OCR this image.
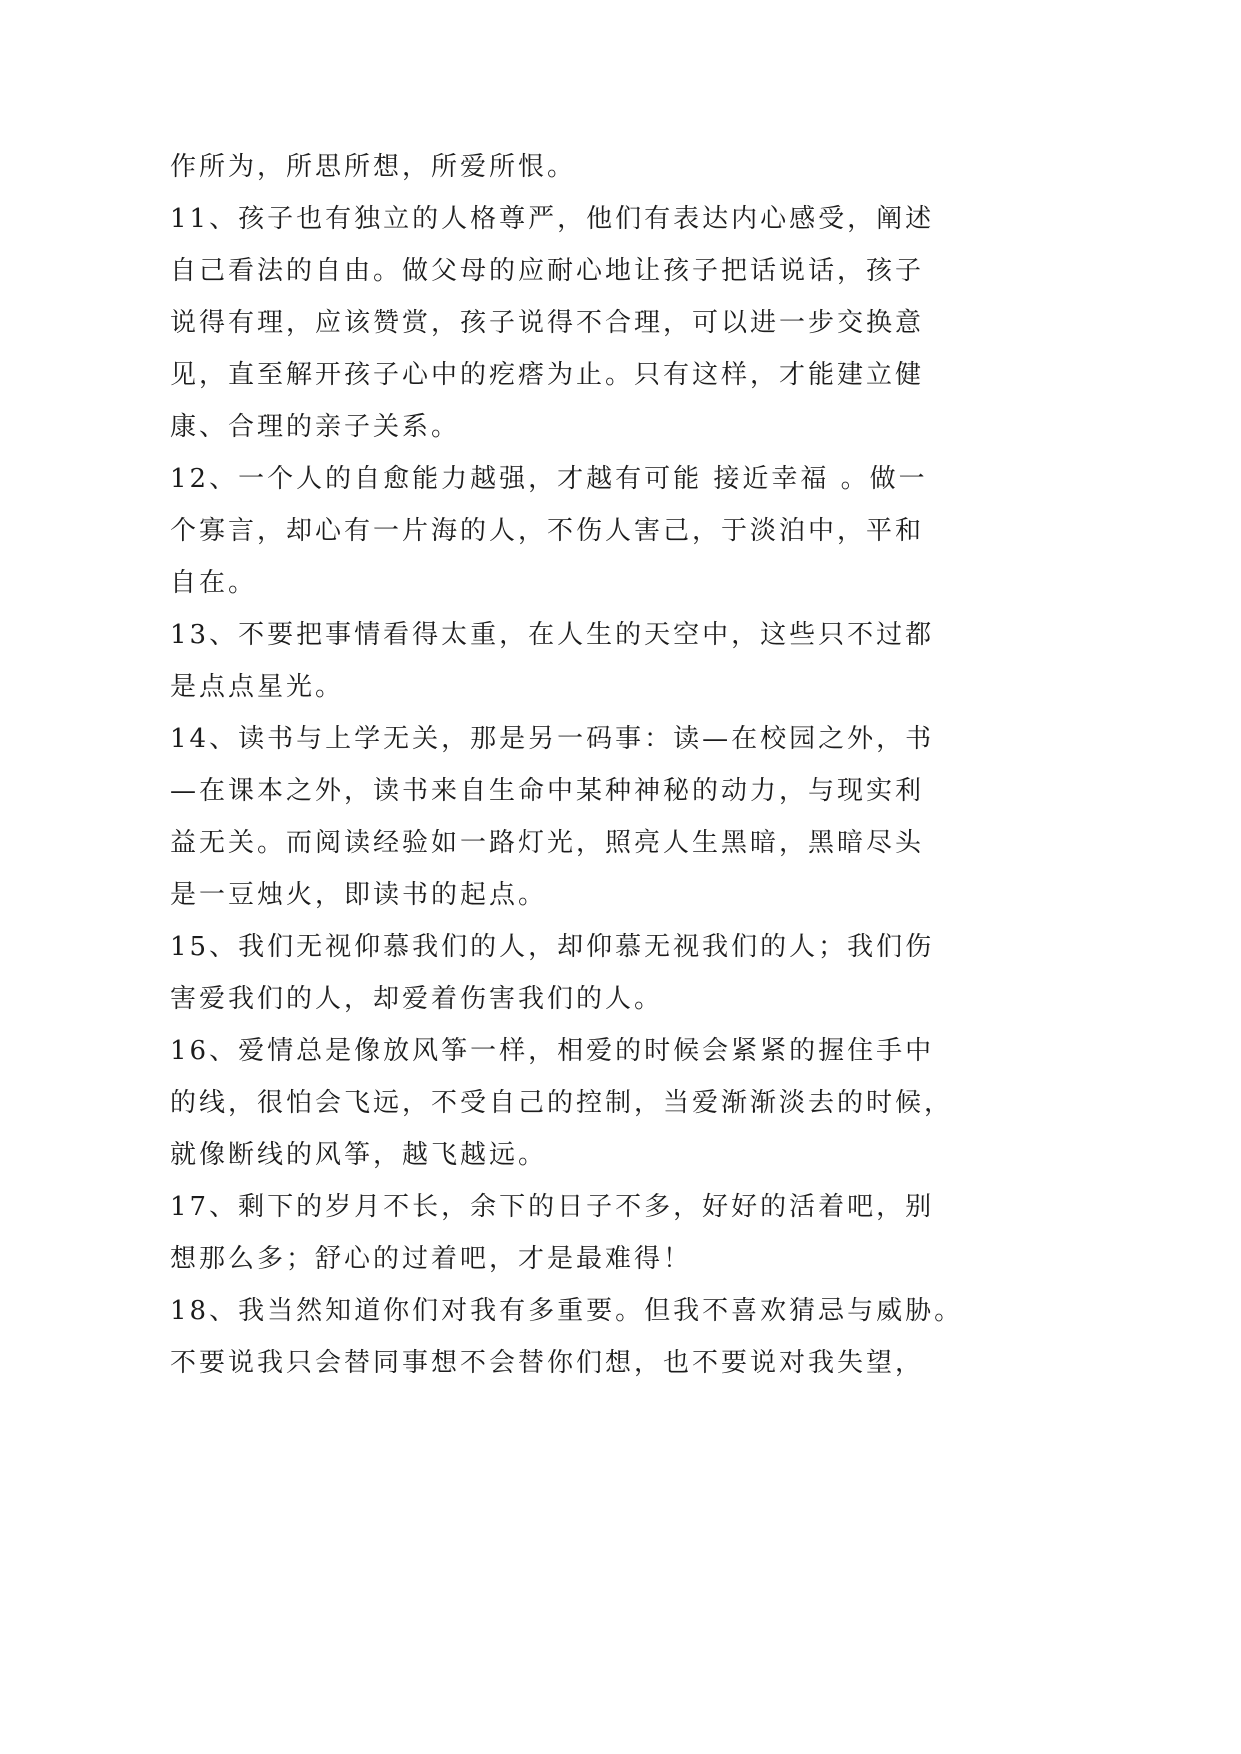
作所为，所思所想，所爱所恨。
11、孩子也有独立的人格尊严，他们有表达内心感受，阐述
自己看法的自由。做父母的应耐心地让孩子把话说话，孩子
说得有理，应该赞赏，孩子说得不合理，可以进一步交换意
见，直至解开孩子心中的疙瘩为止。只有这样，才能建立健
康、合理的亲子关系。
12、一个人的自愈能力越强，才越有可能 接近幸福 。做一
个寡言，却心有一片海的人，不伤人害己，于淡泊中，平和
自在。
13、不要把事情看得太重，在人生的天空中，这些只不过都
是点点星光。
14、读书与上学无关，那是另一码事：读—在校园之外，书
—在课本之外，读书来自生命中某种神秘的动力，与现实利
益无关。而阅读经验如一路灯光，照亮人生黑暗，黑暗尽头
是一豆烛火，即读书的起点。
15、我们无视仰慕我们的人，却仰慕无视我们的人；我们伤
害爱我们的人，却爱着伤害我们的人。
16、爱情总是像放风筝一样，相爱的时候会紧紧的握住手中
的线，很怕会飞远，不受自己的控制，当爱渐渐淡去的时候，
就像断线的风筝，越飞越远。
17、剩下的岁月不长，余下的日子不多，好好的活着吧，别
想那么多；舒心的过着吧，才是最难得！
18、我当然知道你们对我有多重要。但我不喜欢猜忌与威胁。
不要说我只会替同事想不会替你们想，也不要说对我失望，
